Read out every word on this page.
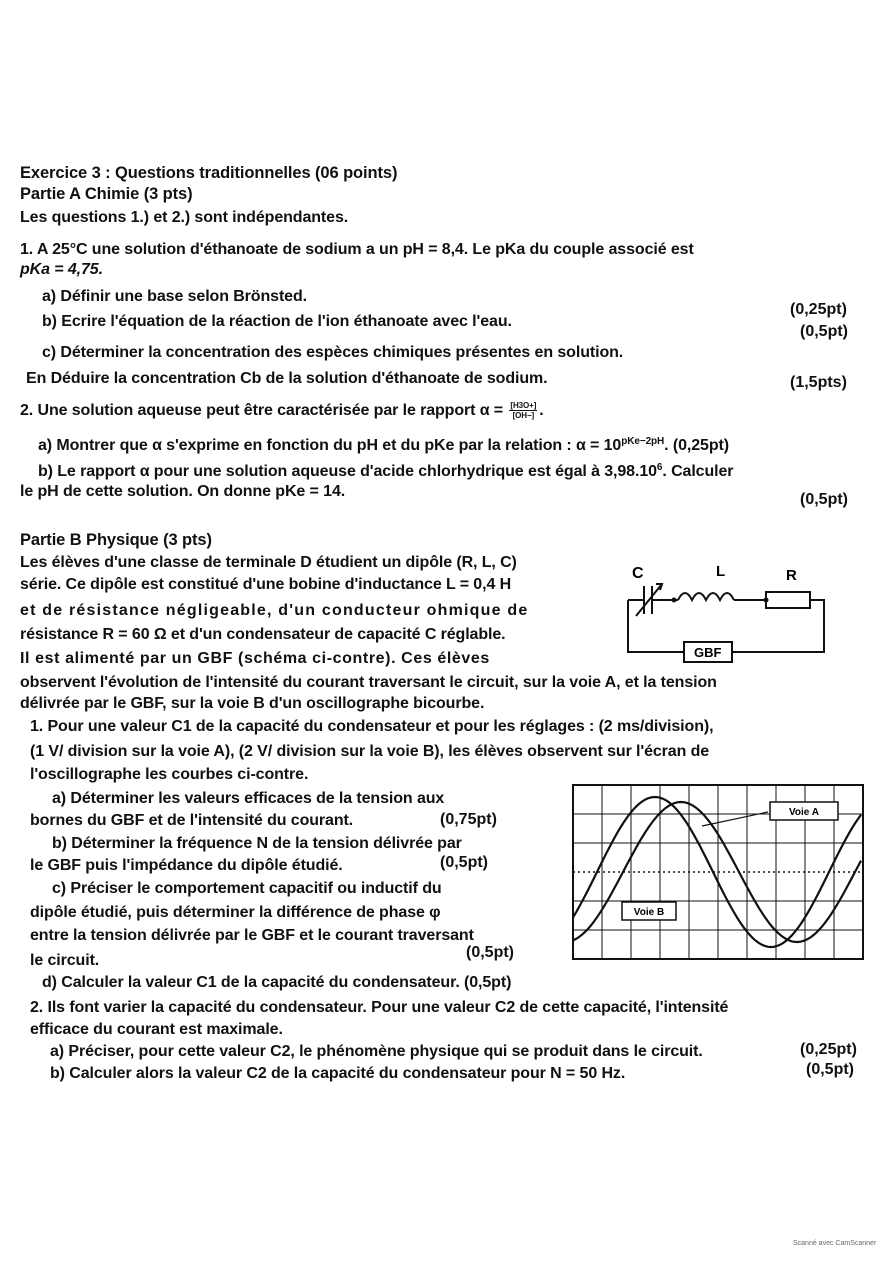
Exercice 3 : Questions traditionnelles (06 points)
Partie A Chimie (3 pts)
Les questions 1.) et 2.) sont indépendantes.
1. A 25°C une solution d'éthanoate de sodium a un pH = 8,4. Le pKa du couple associé est
pKa = 4,75.
a) Définir une base selon Brönsted.
(0,25pt)
b) Ecrire l'équation de la réaction de l'ion éthanoate avec l'eau.
(0,5pt)
c) Déterminer la concentration des espèces chimiques présentes en solution.
En Déduire la concentration Cb de la solution d'éthanoate de sodium.	(1,5pts)
2. Une solution aqueuse peut être caractérisée par le rapport $\alpha = \frac{[H3O+]}{[OH-]}$ .
a) Montrer que α s'exprime en fonction du pH et du pKe par la relation : $\alpha = 10^{pKe-2pH}$. (0,25pt)
b) Le rapport α pour une solution aqueuse d'acide chlorhydrique est égal à 3,98.10$^6$. Calculer
le pH de cette solution. On donne pKe = 14.	(0,5pt)
Partie B Physique (3 pts)
Les élèves d'une classe de terminale D étudient un dipôle (R, L, C)
série. Ce dipôle est constitué d'une bobine d'inductance L = 0,4 H
et de résistance négligeable, d'un conducteur ohmique de
résistance R = 60 Ω et d'un condensateur de capacité C réglable.
Il est alimenté par un GBF (schéma ci-contre). Ces élèves
observent l'évolution de l'intensité du courant traversant le circuit, sur la voie A, et la tension
délivrée par le GBF, sur la voie B d'un oscillographe bicourbe.
C	L	R
GBF
1. Pour une valeur C1 de la capacité du condensateur et pour les réglages : (2 ms/division),
(1 V/ division sur la voie A), (2 V/ division sur la voie B), les élèves observent sur l'écran de
l'oscillographe les courbes ci-contre.
a) Déterminer les valeurs efficaces de la tension aux
bornes du GBF et de l'intensité du courant.	(0,75pt)
b) Déterminer la fréquence N de la tension délivrée par
le GBF puis l'impédance du dipôle étudié.	(0,5pt)
c) Préciser le comportement capacitif ou inductif du
dipôle étudié, puis déterminer la différence de phase φ
entre la tension délivrée par le GBF et le courant traversant
le circuit.	(0,5pt)
Voie A
Voie B
d) Calculer la valeur C1 de la capacité du condensateur. (0,5pt)
2. Ils font varier la capacité du condensateur. Pour une valeur C2 de cette capacité, l'intensité
efficace du courant est maximale.
a) Préciser, pour cette valeur C2, le phénomène physique qui se produit dans le circuit.	(0,25pt)
b) Calculer alors la valeur C2 de la capacité du condensateur pour N = 50 Hz.	(0,5pt)
Scanné avec CamScanner
